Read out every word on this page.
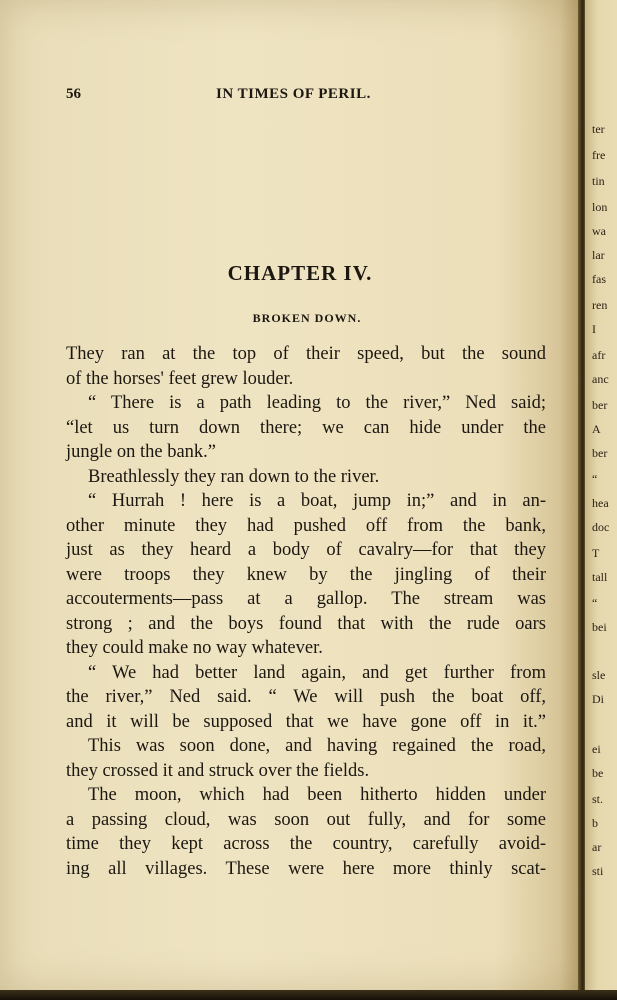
56	IN TIMES OF PERIL.
CHAPTER IV.
BROKEN DOWN.
They ran at the top of their speed, but the sound
of the horses' feet grew louder.
“ There is a path leading to the river,” Ned said;
“let us turn down there; we can hide under the
jungle on the bank.”
Breathlessly they ran down to the river.
“ Hurrah ! here is a boat, jump in;” and in an-
other minute they had pushed off from the bank,
just as they heard a body of cavalry—for that they
were troops they knew by the jingling of their
accouterments—pass at a gallop. The stream was
strong ; and the boys found that with the rude oars
they could make no way whatever.
“ We had better land again, and get further from
the river,” Ned said. “ We will push the boat off,
and it will be supposed that we have gone off in it.”
This was soon done, and having regained the road,
they crossed it and struck over the fields.
The moon, which had been hitherto hidden under
a passing cloud, was soon out fully, and for some
time they kept across the country, carefully avoid-
ing all villages. These were here more thinly scat-
ter
fre
tin
lon
wa
lar
fas
ren
I
afr
anc
ber
A
ber
“
hea
doc
T
tall
“
bei
sle
Di
ei
be
st.
b
ar
sti
